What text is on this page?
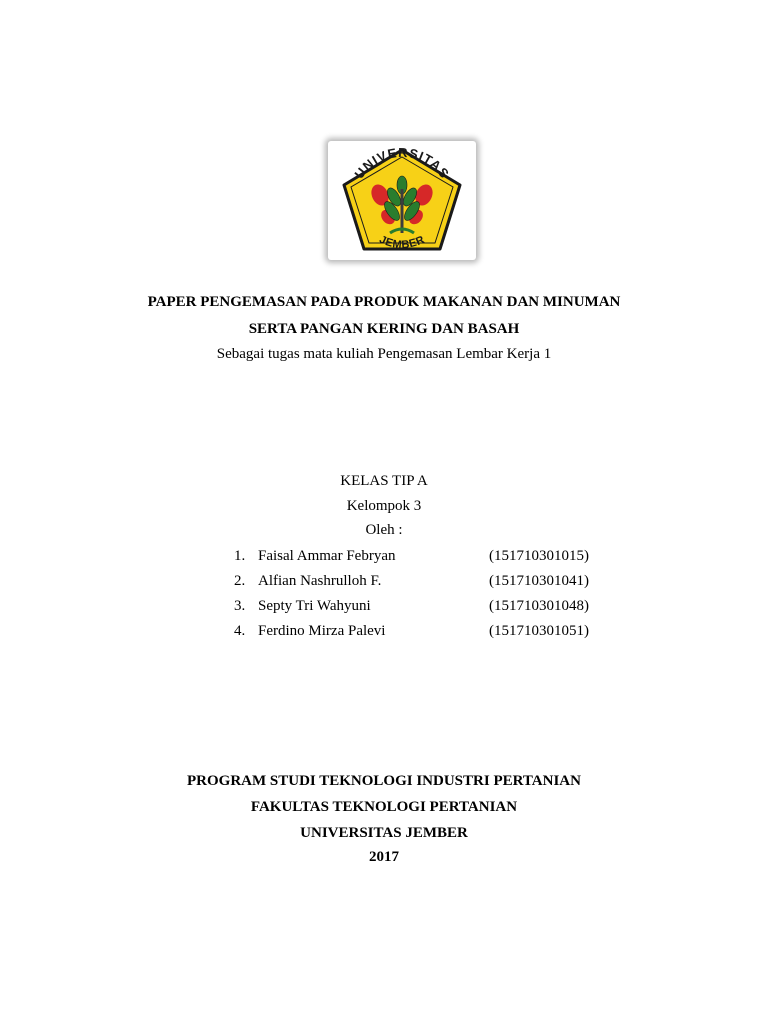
UNIVERSITAS
JEMBER
PAPER PENGEMASAN PADA PRODUK MAKANAN DAN MINUMAN
SERTA PANGAN KERING DAN BASAH
Sebagai tugas mata kuliah Pengemasan Lembar Kerja 1
KELAS TIP A
Kelompok 3
Oleh :
1. Faisal Ammar Febryan	(151710301015)
2. Alfian Nashrulloh F.	(151710301041)
3. Septy Tri Wahyuni	(151710301048)
4. Ferdino Mirza Palevi	(151710301051)
PROGRAM STUDI TEKNOLOGI INDUSTRI PERTANIAN
FAKULTAS TEKNOLOGI PERTANIAN
UNIVERSITAS JEMBER
2017
